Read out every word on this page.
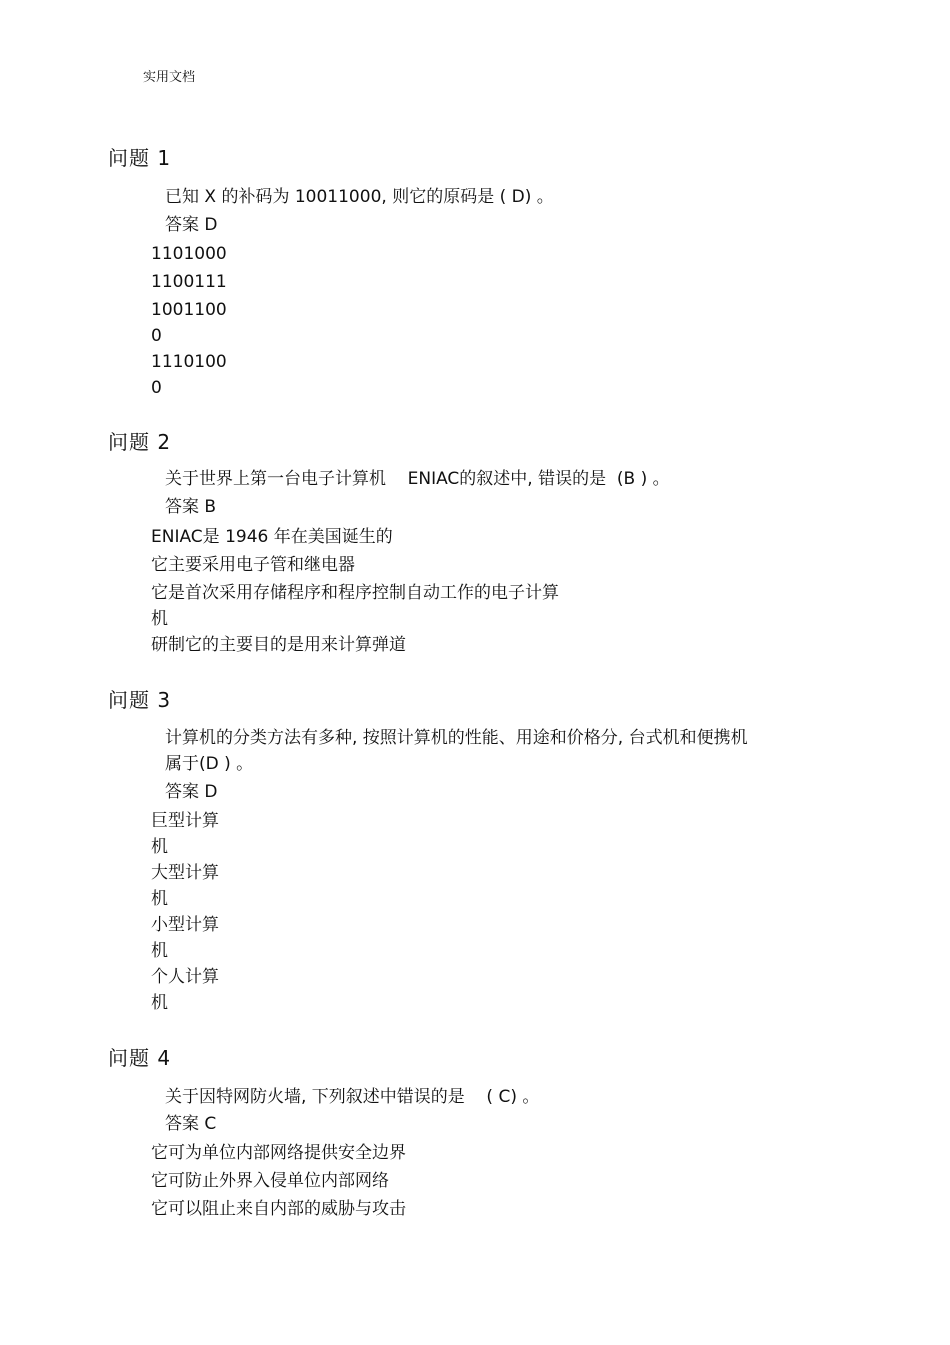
实用文档
问题 1
已知 X 的补码为 10011000, 则它的原码是 ( D) 。
答案 D
1101000
1100111
1001100
0
1110100
0
问题 2
关于世界上第一台电子计算机    ENIAC的叙述中, 错误的是  (B ) 。
答案 B
ENIAC是 1946 年在美国诞生的
它主要采用电子管和继电器
它是首次采用存储程序和程序控制自动工作的电子计算
机
研制它的主要目的是用来计算弹道
问题 3
计算机的分类方法有多种, 按照计算机的性能、用途和价格分, 台式机和便携机
属于(D ) 。
答案 D
巨型计算
机
大型计算
机
小型计算
机
个人计算
机
问题 4
关于因特网防火墙, 下列叙述中错误的是    ( C) 。
答案 C
它可为单位内部网络提供安全边界
它可防止外界入侵单位内部网络
它可以阻止来自内部的威胁与攻击
